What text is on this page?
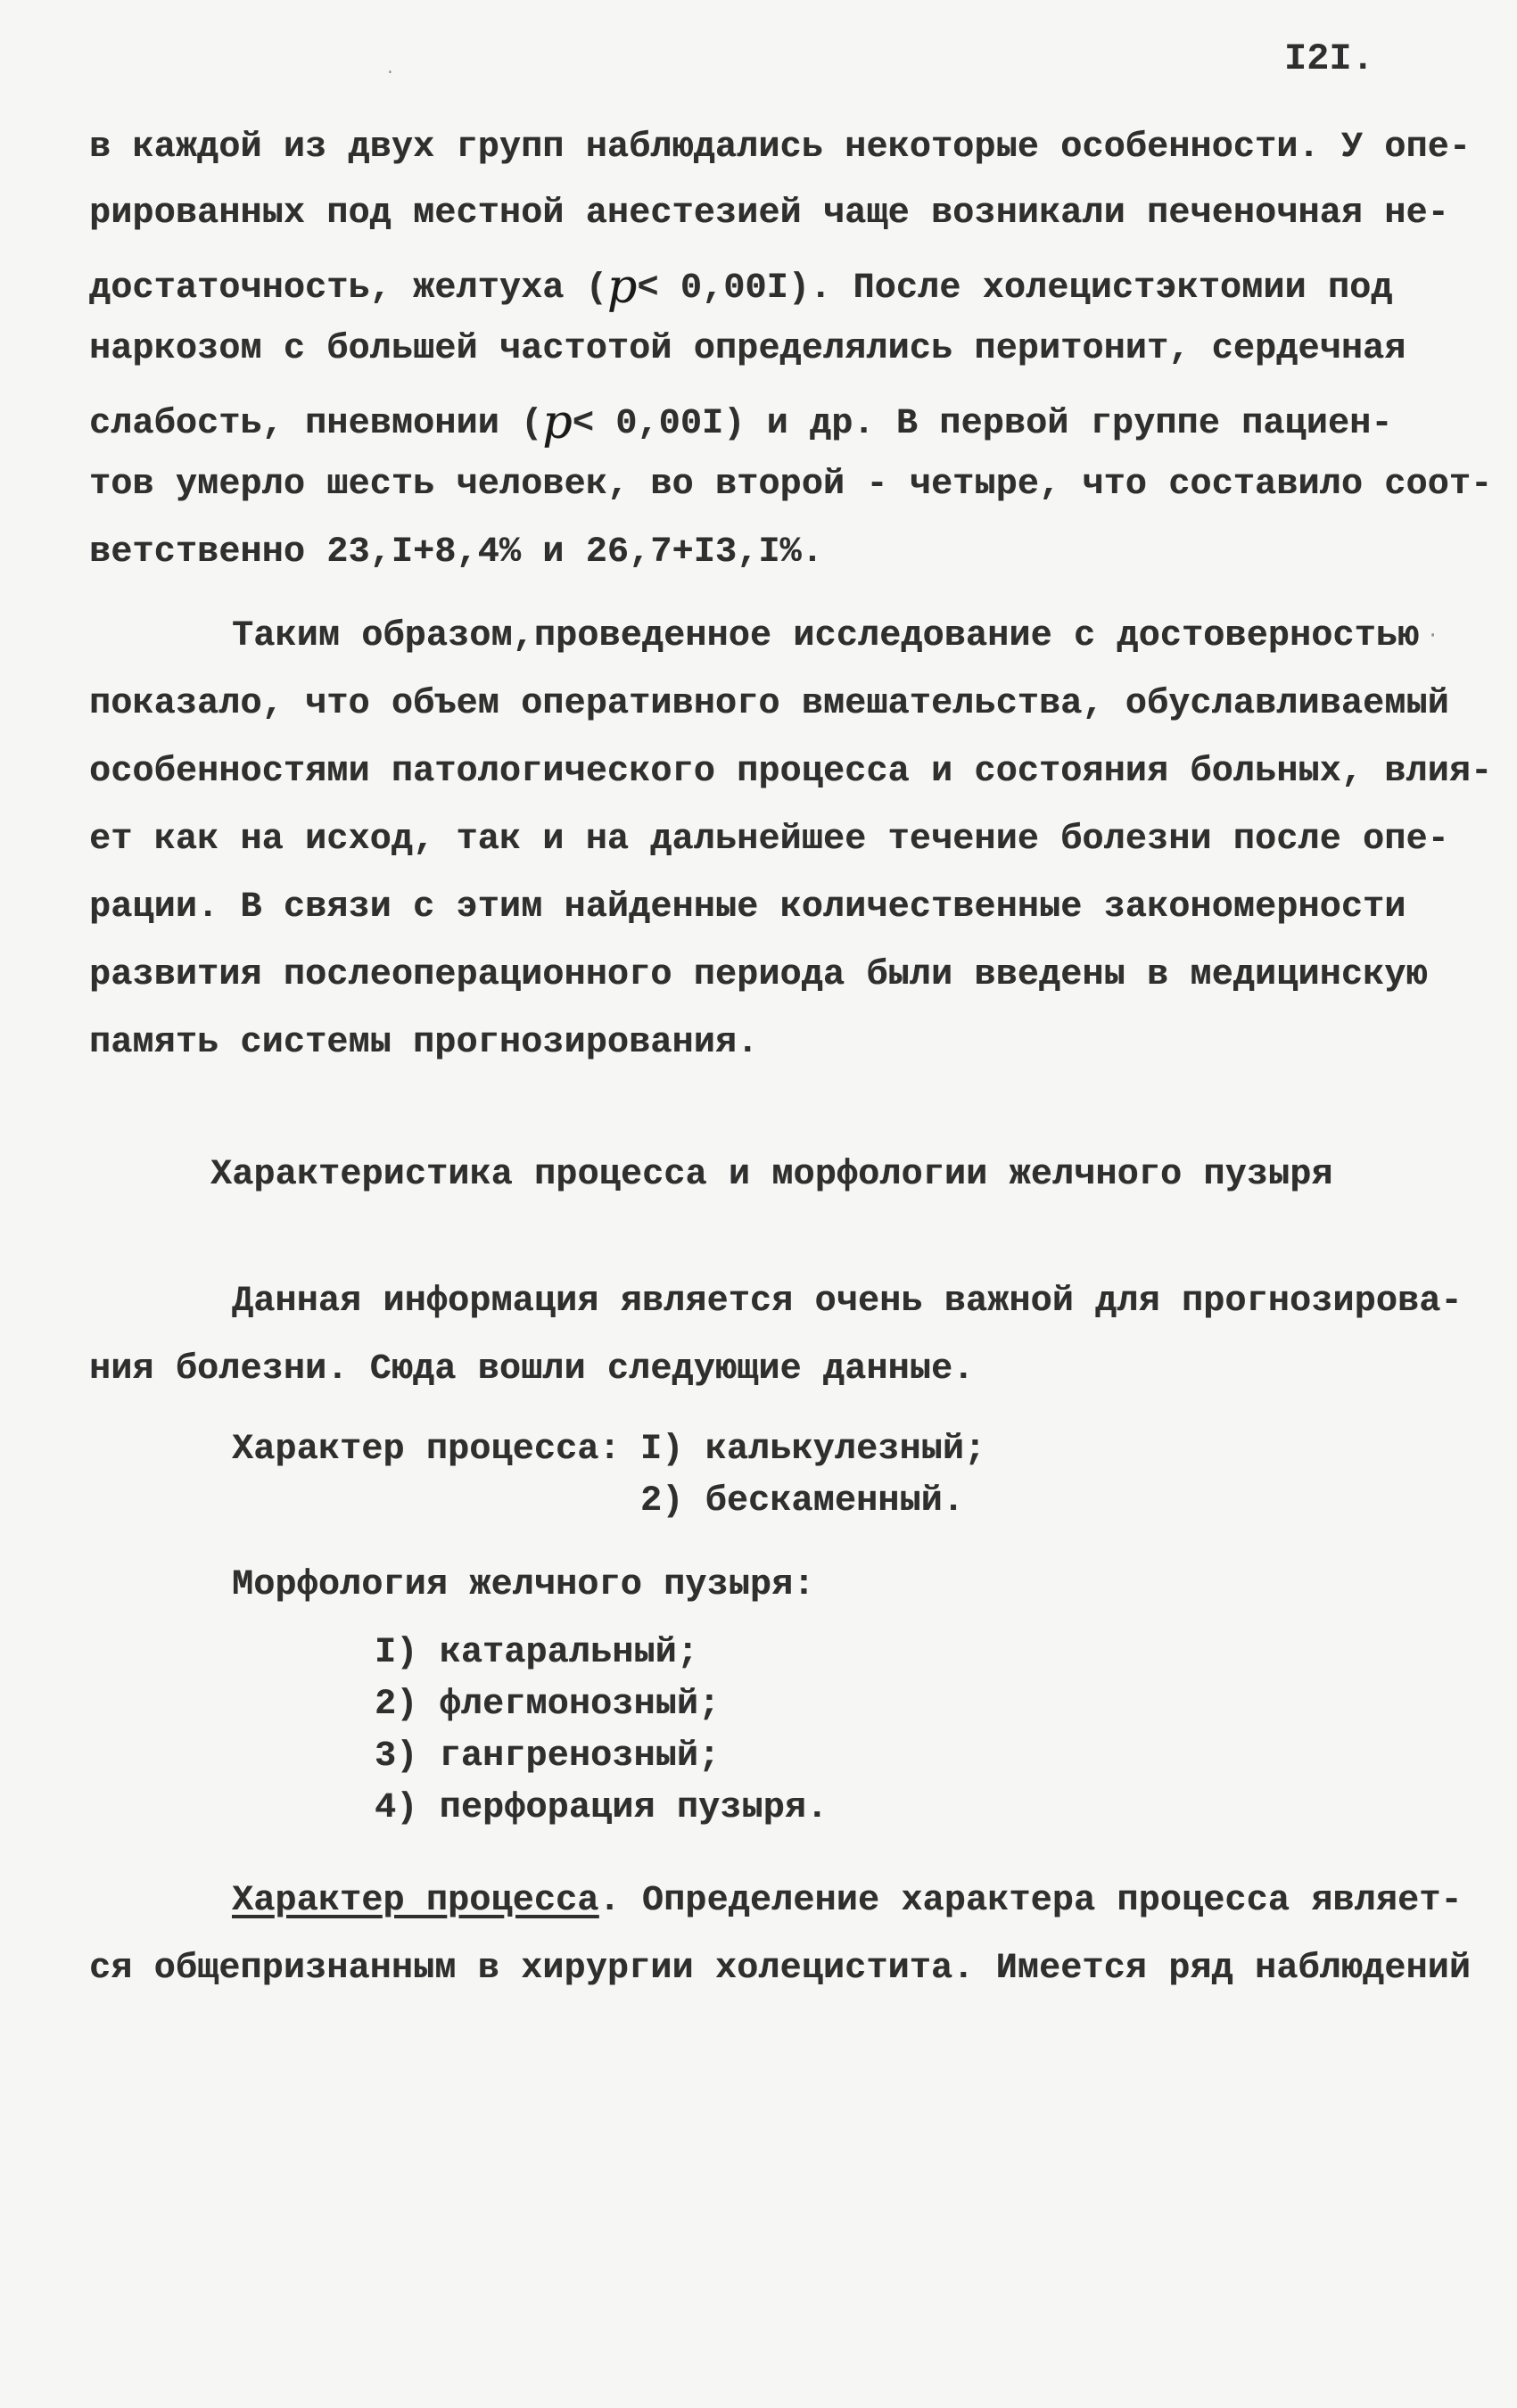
I2I.
в каждой из двух групп наблюдались некоторые особенности. У опе-
рированных под местной анестезией чаще возникали печеночная не-
достаточность, желтуха (p< 0,00I). После холецистэктомии под
наркозом с большей частотой определялись перитонит, сердечная
слабость, пневмонии (p< 0,00I) и др. В первой группе пациен-
тов умерло шесть человек, во второй - четыре, что составило соот-
ветственно 23,I+8,4% и 26,7+I3,I%.
Таким образом,проведенное исследование с достоверностью
показало, что объем оперативного вмешательства, обуславливаемый
особенностями патологического процесса и состояния больных, влия-
ет как на исход, так и на дальнейшее течение болезни после опе-
рации. В связи с этим найденные количественные закономерности
развития послеоперационного периода были введены в медицинскую
память системы прогнозирования.
Характеристика процесса и морфологии желчного пузыря
Данная информация является очень важной для прогнозирова-
ния болезни. Сюда вошли следующие данные.
Характер процесса: I) калькулезный;
2) бескаменный.
Морфология желчного пузыря:
I) катаральный;
2) флегмонозный;
3) гангренозный;
4) перфорация пузыря.
Характер процесса. Определение характера процесса являет-
ся общепризнанным в хирургии холецистита. Имеется ряд наблюдений
·
·
